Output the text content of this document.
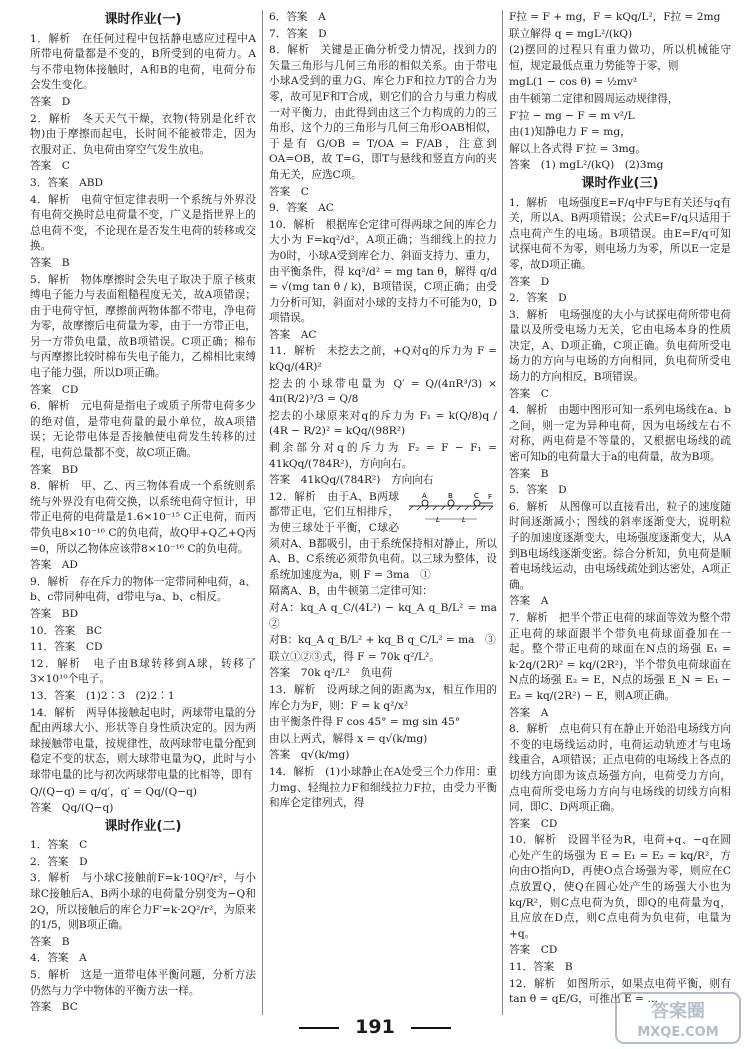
课时作业(一)
1．解析　在任何过程中包括静电感应过程中A所带电荷量都是不变的，B所受到的电荷力。A与不带电物体接触时，A和B的电荷，电荷分布会发生变化。
答案　D
2．解析　冬天天气干燥，衣物(特别是化纤衣物)由于摩擦而起电，长时间不能被带走，因为衣服对正、负电荷由穿空气发生放电。
答案　C
3．答案　ABD
4．解析　电荷守恒定律表明一个系统与外界没有电荷交换时总电荷量不变，广义是指世界上的总电荷不变，不论现在是否发生电荷的转移或交换。
答案　B
5．解析　物体摩擦时会失电子取决于原子核束缚电子能力与表面粗糙程度无关，故A项错误；由于电荷守恒，摩擦前两物体都不带电，净电荷为零，故摩擦后电荷量为零，由于一方带正电，另一方带负电量，故B项错误。C项正确；棉布与丙摩擦比较时棉布失电子能力，乙棉相比束缚电子能力强，所以D项正确。
答案　CD
6．解析　元电荷是指电子或质子所带电荷多少的绝对值，是带电荷量的最小单位，故A项错误；无论带电体是否接触使电荷发生转移的过程，电荷总量都不变，故C项正确。
答案　BD
8．解析　甲、乙、丙三物体看成一个系统则系统与外界没有电荷交换，以系统电荷守恒计，甲带正电荷的电荷量是1.6×10⁻¹⁵ C正电荷，而丙带负电8×10⁻¹⁶ C的负电荷，故Q甲+Q乙+Q丙=0，所以乙物体应该带8×10⁻¹⁶ C的负电荷。
答案　AD
9．解析　存在斥力的物体一定带同种电荷，a、b、c带同种电荷，d带电与a、b、c相反。
答案　BD
10．答案　BC
11．答案　CD
12．解析　电子由B球转移到A球，转移了3×10¹⁰个电子。
13．答案　(1)2∶3　(2)2∶1
14．解析　两导体接触起电时，两球带电量的分配由两球大小、形状等自身性质决定的。因为两球接触带电量，按规律性，故两球带电量分配到稳定不变的状态，则大球带电量为Q，此时与小球带电量的比与初次两球带电量的比相等，即有
Q/(Q−q) = q/q′，q′ = Qq/(Q−q)
答案　Qq/(Q−q)
课时作业(二)
1．答案　C
2．答案　D
3．解析　与小球C接触前F=k·10Q²/r²，与小球C接触后A、B两小球的电荷量分别变为−Q和2Q，所以接触后的库仑力F′=k·2Q²/r²，为原来的1/5，则B项正确。
答案　B
4．答案　A
5．解析　这是一道带电体平衡问题，分析方法仍然与力学中物体的平衡方法一样。
答案　BC
6．答案　A
7．答案　D
8．解析　关键是正确分析受力情况，找到力的矢量三角形与几何三角形的相似关系。由于带电小球A受到的重力G、库仑力F和拉力T的合力为零，故可见F和T合成，则它们的合力与重力构成一对平衡力，由此得到由这三个力构成的力的三角形，这个力的三角形与几何三角形OAB相似，于是有 G/OB = T/OA = F/AB，注意到 OA=OB，故 T=G，即T与悬线和竖直方向的夹角无关，应选C项。
答案　C
9．答案　AC
10．解析　根据库仑定律可得两球之间的库仑力大小为 F=kq²/d²，A项正确；当细线上的拉力为0时，小球A受到库仑力、斜面支持力、重力，由平衡条件，得 kq²/d² = mg tan θ，解得 q/d = √(mg tan θ / k)，B项错误，C项正确；由受力分析可知，斜面对小球的支持力不可能为0，D项错误。
答案　AC
11．解析　未挖去之前，+Q对q的斥力为 F = kQq/(4R)²
挖去的小球带电量为 Q′ = Q/(4πR³/3) × 4π(R/2)³/3 = Q/8
挖去的小球原来对q的斥力为 F₁ = k(Q/8)q / (4R − R/2)² = kQq/(98R²)
剩余部分对q的斥力为 F₂ = F − F₁ = 41kQq/(784R²)，方向向右。
答案　41kQq/(784R²)　方向向右
A	B	C F
L	L
12．解析　由于A、B两球都带正电，它们互相排斥，为使三球处于平衡，C球必须对A、B都吸引，由于系统保持相对静止，所以A、B、C系统必须带负电荷。以三球为整体，设系统加速度为a，则 F = 3ma　①
隔离A、B，由牛顿第二定律可知：
对A：kq_A q_C/(4L²) − kq_A q_B/L² = ma　②
对B：kq_A q_B/L² + kq_B q_C/L² = ma　③
联立①②③式，得 F = 70k q²/L²。
答案　70k q²/L²　负电荷
13．解析　设两球之间的距离为x，相互作用的库仑力为F，则：F = k q²/x²
由平衡条件得 F cos 45° = mg sin 45°
由以上两式，解得 x = q√(k/mg)
答案　q√(k/mg)
14．解析　(1)小球静止在A处受三个力作用：重力mg、轻绳拉力F和细线拉力F拉，由受力平衡和库仑定律列式，得
F拉 = F + mg，F = kQq/L²，F拉 = 2mg
联立解得 q = mgL²/(kQ)
(2)摆回的过程只有重力做功，所以机械能守恒，规定最低点重力势能等于零，则
mgL(1 − cos θ) = ½mv²
由牛顿第二定律和圆周运动规律得，
F′拉 − mg − F = m v²/L
由(1)知静电力 F = mg，
解以上各式得 F′拉 = 3mg。
答案　(1) mgL²/(kQ)　(2)3mg
课时作业(三)
1．解析　电场强度E=F/q中F与E有关还与q有关，所以A、B两项错误；公式E=F/q只适用于点电荷产生的电场。B项错误。由E=F/q可知试探电荷不为零，则电场力为零，所以E一定是零，故D项正确。
答案　D
2．答案　D
3．解析　电场强度的大小与试探电荷所带电荷量以及所受电场力无关，它由电场本身的性质决定，A、D项正确，C项正确。负电荷所受电场力的方向与电场的方向相同，负电荷所受电场力的方向相反，B项错误。
答案　C
4．解析　由题中图形可知一系列电场线在a、b之间，则一定为异种电荷，因为电场线左右不对称，两电荷是不等量的，又根据电场线的疏密可知b的电荷量大于a的电荷量，故为B项。
答案　B
5．答案　D
6．解析　从图像可以直接看出，粒子的速度随时间逐渐减小；图线的斜率逐渐变大，说明粒子的加速度逐渐变大，电场强度逐渐变大，从A到B电场线逐渐变密。综合分析知，负电荷是顺着电场线运动，由电场线疏处到达密处，A项正确。
答案　A
7．解析　把半个带正电荷的球面等效为整个带正电荷的球面跟半个带负电荷球面叠加在一起。整个带正电荷的球面在N点的场强 E₁ = k·2q/(2R)² = kq/(2R²)，半个带负电荷球面在N点的场强 E₂ = E，N点的场强 E_N = E₁ − E₂ = kq/(2R²) − E，则A项正确。
答案　A
8．解析　点电荷只有在静止开始沿电场线方向不变的电场线运动时，电荷运动轨迹才与电场线重合，A项错误；正点电荷的电场线上各点的切线方向即为该点场强方向，电荷受力方向，点电荷所受电场力方向与电场线的切线方向相同，即C、D两项正确。
答案　CD
10．解析　设圆半径为R，电荷+q、−q在圆心处产生的场强为 E = E₁ = E₂ = kq/R²，方向由O指向D，再使O点合场强为零，则应在C点放置Q，使Q在圆心处产生的场强大小也为kq/R²，则C点电荷为负，即Q的电荷量为q，且应放在D点，则C点电荷为负电荷，电量为+q。
答案　CD
11．答案　B
12．解析　如图所示，如果点电荷平衡，则有 tan θ = qE/G，可推出 E = …
191
答案圈
MXQE.COM
